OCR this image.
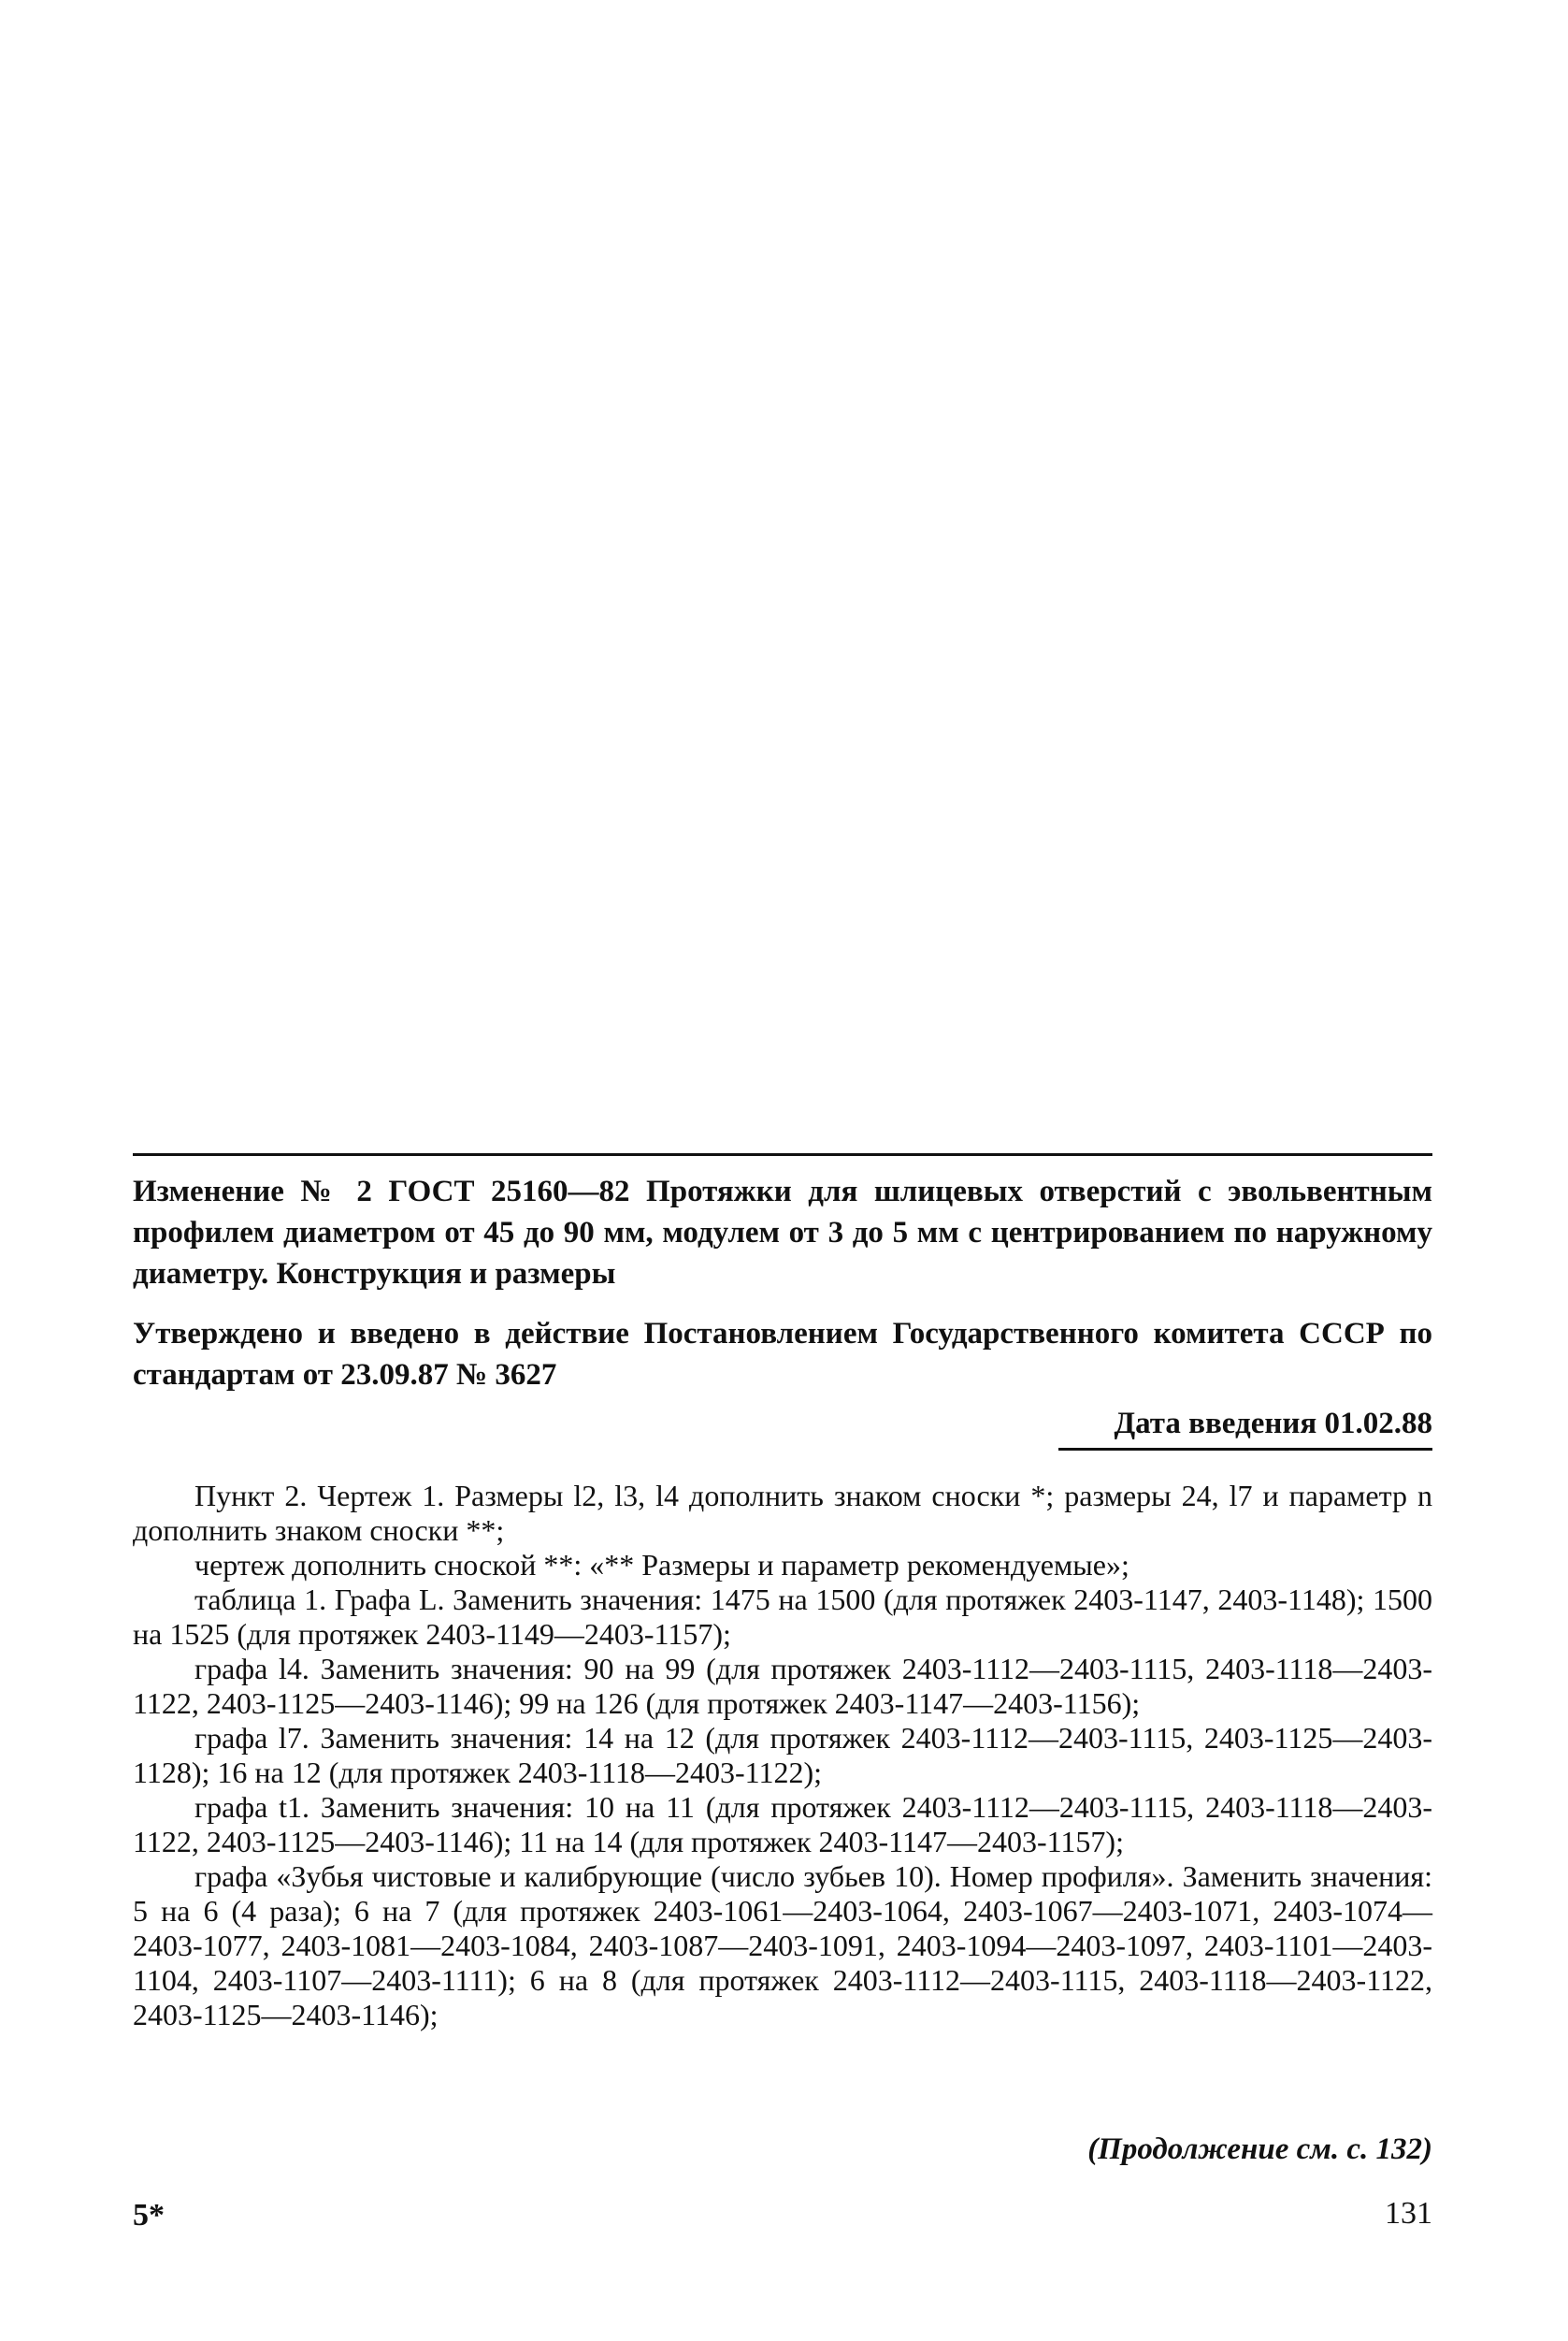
Изменение № 2 ГОСТ 25160—82 Протяжки для шлицевых отверстий с эвольвентным профилем диаметром от 45 до 90 мм, модулем от 3 до 5 мм с центрированием по наружному диаметру. Конструкция и размеры

Утверждено и введено в действие Постановлением Государственного комитета СССР по стандартам от 23.09.87 № 3627

Дата введения 01.02.88

Пункт 2. Чертеж 1. Размеры l2, l3, l4 дополнить знаком сноски *; размеры 24, l7 и параметр n дополнить знаком сноски **;

чертеж дополнить сноской **: «** Размеры и параметр рекомендуемые»;

таблица 1. Графа L. Заменить значения: 1475 на 1500 (для протяжек 2403-1147, 2403-1148); 1500 на 1525 (для протяжек 2403-1149—2403-1157);

графа l4. Заменить значения: 90 на 99 (для протяжек 2403-1112—2403-1115, 2403-1118—2403-1122, 2403-1125—2403-1146); 99 на 126 (для протяжек 2403-1147—2403-1156);

графа l7. Заменить значения: 14 на 12 (для протяжек 2403-1112—2403-1115, 2403-1125—2403-1128); 16 на 12 (для протяжек 2403-1118—2403-1122);

графа t1. Заменить значения: 10 на 11 (для протяжек 2403-1112—2403-1115, 2403-1118—2403-1122, 2403-1125—2403-1146); 11 на 14 (для протяжек 2403-1147—2403-1157);

графа «Зубья чистовые и калибрующие (число зубьев 10). Номер профиля». Заменить значения: 5 на 6 (4 раза); 6 на 7 (для протяжек 2403-1061—2403-1064, 2403-1067—2403-1071, 2403-1074—2403-1077, 2403-1081—2403-1084, 2403-1087—2403-1091, 2403-1094—2403-1097, 2403-1101—2403-1104, 2403-1107—2403-1111); 6 на 8 (для протяжек 2403-1112—2403-1115, 2403-1118—2403-1122, 2403-1125—2403-1146);

(Продолжение см. с. 132)
5*	131
